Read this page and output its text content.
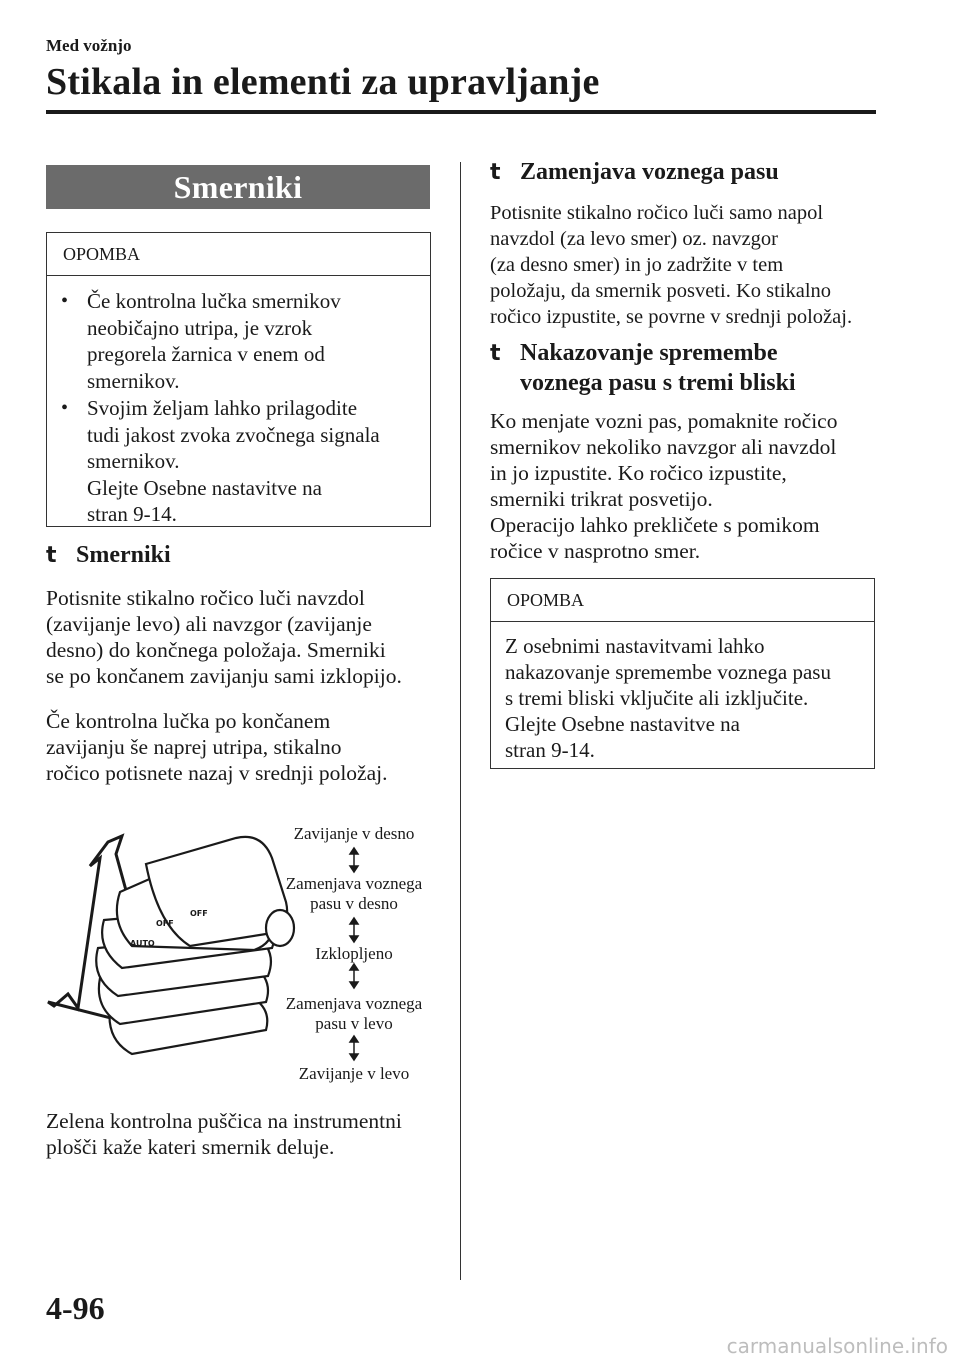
Med vožnjo
Stikala in elementi za upravljanje
Smerniki
OPOMBA
• Če kontrolna lučka smernikov
neobičajno utripa, je vzrok
pregorela žarnica v enem od
smernikov.
• Svojim željam lahko prilagodite
tudi jakost zvoka zvočnega signala
smernikov.
Glejte Osebne nastavitve na
stran 9-14.
t Smerniki
Potisnite stikalno ročico luči navzdol
(zavijanje levo) ali navzgor (zavijanje
desno) do končnega položaja. Smerniki
se po končanem zavijanju sami izklopijo.
Če kontrolna lučka po končanem
zavijanju še naprej utripa, stikalno
ročico potisnete nazaj v srednji položaj.
OFF
OFF
AUTO
Zavijanje v desno
Zamenjava voznega
pasu v desno
Izklopljeno
Zamenjava voznega
pasu v levo
Zavijanje v levo
Zelena kontrolna puščica na instrumentni
plošči kaže kateri smernik deluje.
t Zamenjava voznega pasu
Potisnite stikalno ročico luči samo napol
navzdol (za levo smer) oz. navzgor
(za desno smer) in jo zadržite v tem
položaju, da smernik posveti. Ko stikalno
ročico izpustite, se povrne v srednji položaj.
t Nakazovanje spremembe
voznega pasu s tremi bliski
Ko menjate vozni pas, pomaknite ročico
smernikov nekoliko navzgor ali navzdol
in jo izpustite. Ko ročico izpustite,
smerniki trikrat posvetijo.
Operacijo lahko prekličete s pomikom
ročice v nasprotno smer.
OPOMBA
Z osebnimi nastavitvami lahko
nakazovanje spremembe voznega pasu
s tremi bliski vključite ali izključite.
Glejte Osebne nastavitve na
stran 9-14.
4-96
carmanualsonline.info
